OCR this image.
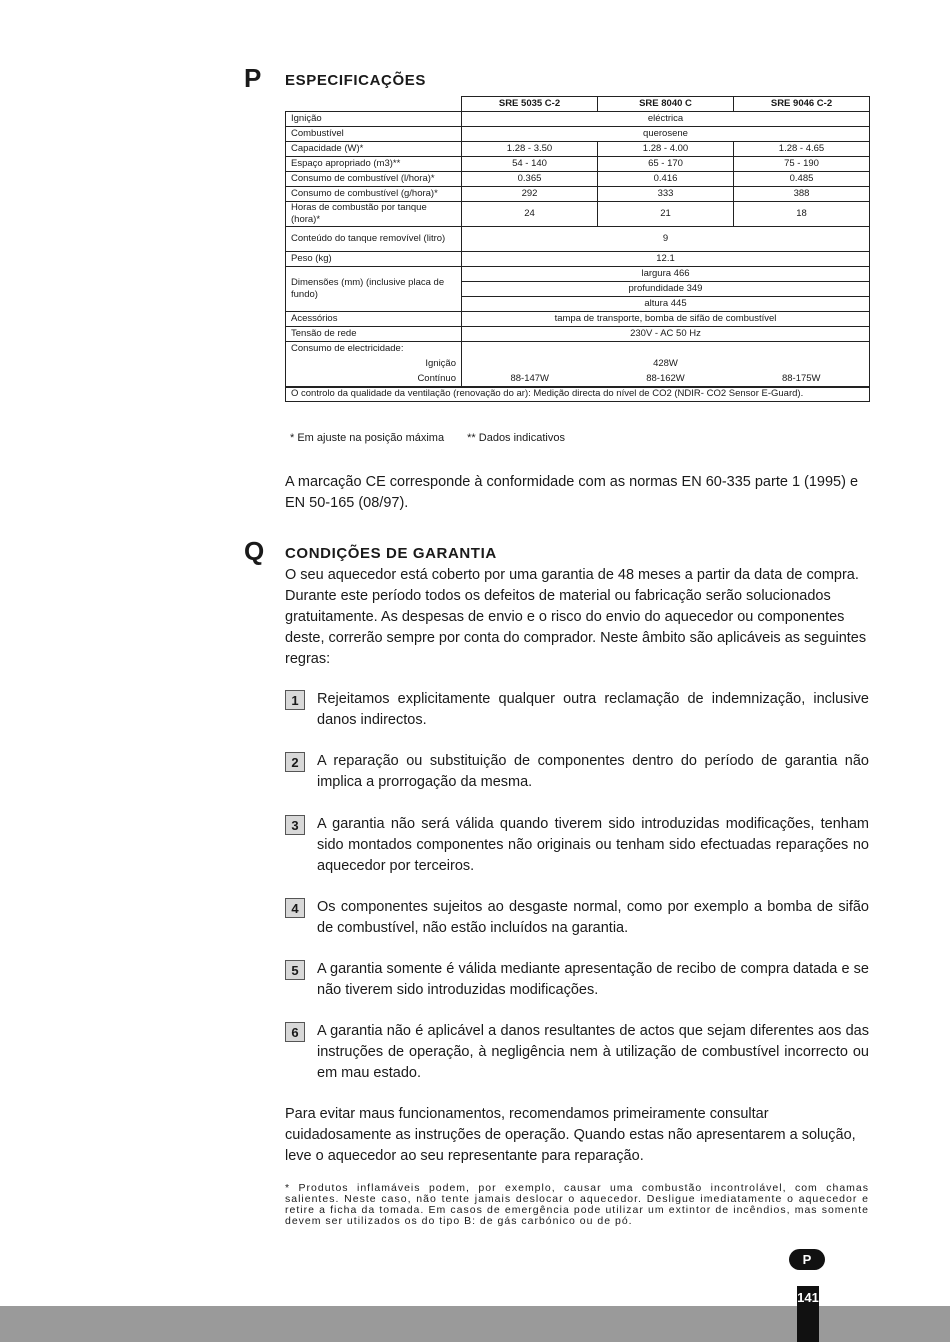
P ESPECIFICAÇÕES
	SRE 5035 C-2	SRE 8040 C	SRE 9046 C-2
Ignição	eléctrica		
Combustível	querosene		
Capacidade (W)*	1.28 - 3.50	1.28 - 4.00	1.28 - 4.65
Espaço apropriado (m3)**	54 - 140	65 - 170	75 - 190
Consumo de combustível (l/hora)*	0.365	0.416	0.485
Consumo de combustível (g/hora)*	292	333	388
Horas de combustão por tanque (hora)*	24	21	18
Conteúdo do tanque removível (litro)	9		
Peso (kg)	12.1		
Dimensões (mm) (inclusive placa de fundo)	largura 466		
	profundidade 349		
	altura 445		
Acessórios	tampa de transporte, bomba de sifão de combustível		
Tensão de rede	230V - AC 50 Hz		
Consumo de electricidade:			
Ignição	428W		
Contínuo	88-147W	88-162W	88-175W
O controlo da qualidade da ventilação (renovação do ar): Medição directa do nível de CO2 (NDIR- CO2 Sensor E-Guard).			
* Em ajuste na posição máxima ** Dados indicativos
A marcação CE corresponde à conformidade com as normas EN 60-335 parte 1 (1995) e EN 50-165 (08/97).
Q CONDIÇÕES DE GARANTIA
O seu aquecedor está coberto por uma garantia de 48 meses a partir da data de compra. Durante este período todos os defeitos de material ou fabricação serão solucionados gratuitamente. As despesas de envio e o risco do envio do aquecedor ou componentes deste, correrão sempre por conta do comprador. Neste âmbito são aplicáveis as seguintes regras:
1	Rejeitamos explicitamente qualquer outra reclamação de indemnização, inclusive danos indirectos.
2	A reparação ou substituição de componentes dentro do período de garantia não implica a prorrogação da mesma.
3	A garantia não será válida quando tiverem sido introduzidas modificações, tenham sido montados componentes não originais ou tenham sido efectuadas reparações no aquecedor por terceiros.
4	Os componentes sujeitos ao desgaste normal, como por exemplo a bomba de sifão de combustível, não estão incluídos na garantia.
5	A garantia somente é válida mediante apresentação de recibo de compra datada e se não tiverem sido introduzidas modificações.
6	A garantia não é aplicável a danos resultantes de actos que sejam diferentes aos das instruções de operação, à negligência nem à utilização de combustível incorrecto ou em mau estado.
Para evitar maus funcionamentos, recomendamos primeiramente consultar cuidadosamente as instruções de operação. Quando estas não apresentarem a solução, leve o aquecedor ao seu representante para reparação.
* Produtos inflamáveis podem, por exemplo, causar uma combustão incontrolável, com chamas salientes. Neste caso, não tente jamais deslocar o aquecedor. Desligue imediatamente o aquecedor e retire a ficha da tomada. Em casos de emergência pode utilizar um extintor de incêndios, mas somente devem ser utilizados os do tipo B: de gás carbónico ou de pó.
P
141
